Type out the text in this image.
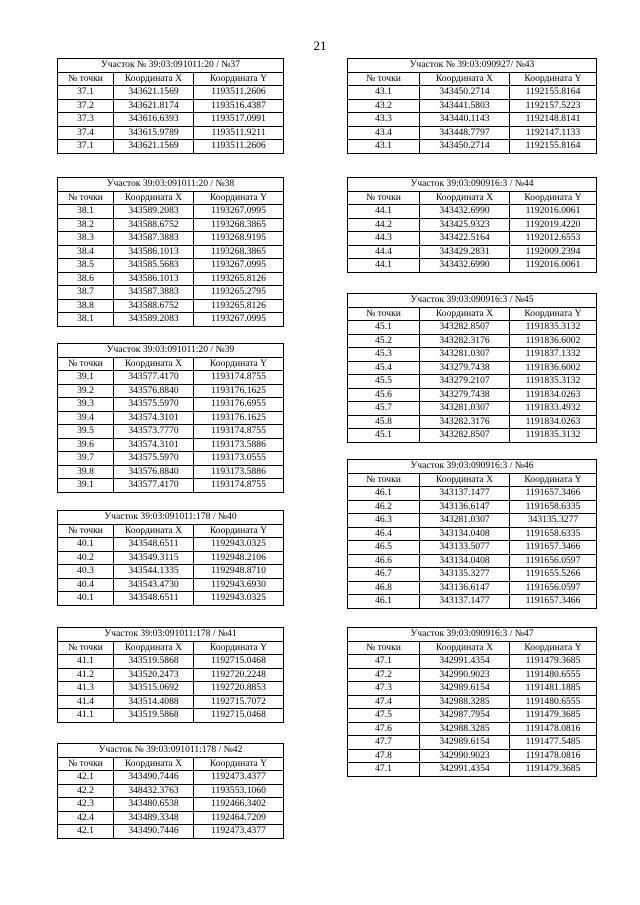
21
Участок № 39:03:091011:20 / №37		
№ точки	Координата X	Координата Y
37.1	343621.1569	1193511.2606
37.2	343621.8174	1193516.4387
37.3	343616.6393	1193517.0991
37.4	343615.9789	1193511.9211
37.1	343621.1569	1193511.2606
Участок 39:03:091011:20 / №38		
№ точки	Координата X	Координата Y
38.1	343589.2083	1193267.0995
38.2	343588.6752	1193268.3865
38.3	343587.3883	1193268.9195
38.4	343586.1013	1193268.3865
38.5	343585.5683	1193267.0995
38.6	343586.1013	1193265.8126
38.7	343587.3883	1193265.2795
38.8	343588.6752	1193265.8126
38.1	343589.2083	1193267.0995
Участок 39:03:091011:20 / №39		
№ точки	Координата X	Координата Y
39.1	343577.4170	1193174.8755
39.2	343576.8840	1193176.1625
39.3	343575.5970	1193176.6955
39.4	343574.3101	1193176.1625
39.5	343573.7770	1193174.8755
39.6	343574.3101	1193173.5886
39.7	343575.5970	1193173.0555
39.8	343576.8840	1193173.5886
39.1	343577.4170	1193174.8755
Участок 39:03:091011:178 / №40		
№ точки	Координата X	Координата Y
40.1	343548.6511	1192943.0325
40.2	343549.3115	1192948.2106
40.3	343544.1335	1192948.8710
40.4	343543.4730	1192943.6930
40.1	343548.6511	1192943.0325
Участок 39:03:091011:178 / №41		
№ точки	Координата X	Координата Y
41.1	343519.5868	1192715.0468
41.2	343520.2473	1192720.2248
41.3	343515.0692	1192720.8853
41.4	343514.4088	1192715.7072
41.1	343519.5868	1192715.0468
Участок № 39:03:091011:178 / №42		
№ точки	Координата X	Координата Y
42.1	343490.7446	1192473.4377
42.2	348432.3763	1193553.1060
42.3	343480.6538	1192466.3402
42.4	343489.3348	1192464.7209
42.1	343490.7446	1192473.4377
Участок № 39:03:090927/ №43		
№ точки	Координата X	Координата Y
43.1	343450.2714	1192155.8164
43.2	343441.5803	1192157.5223
43.3	343440.1143	1192148.8141
43.4	343448.7797	1192147.1133
43.1	343450.2714	1192155.8164
Участок 39:03:090916:3 / №44		
№ точки	Координата X	Координата Y
44.1	343432.6990	1192016.0061
44.2	343425.9323	1192019.4220
44.3	343422.5164	1192012.6553
44.4	343429.2831	1192009.2394
44.1	343432.6990	1192016.0061
Участок 39:03:090916:3 / №45		
№ точки	Координата X	Координата Y
45.1	343282.8507	1191835.3132
45.2	343282.3176	1191836.6002
45.3	343281.0307	1191837.1332
45.4	343279.7438	1191836.6002
45.5	343279.2107	1191835.3132
45.6	343279.7438	1191834.0263
45.7	343281.0307	1191833.4932
45.8	343282.3176	1191834.0263
45.1	343282.8507	1191835.3132
Участок 39:03:090916:3 / №46		
№ точки	Координата X	Координата Y
46.1	343137.1477	1191657.3466
46.2	343136.6147	1191658.6335
46.3	343281.0307	343135.3277
46.4	343134.0408	1191658.6335
46.5	343133.5077	1191657.3466
46.6	343134.0408	1191656.0597
46.7	343135.3277	1191655.5266
46.8	343136.6147	1191656.0597
46.1	343137.1477	1191657.3466
Участок 39:03:090916:3 / №47		
№ точки	Координата X	Координата Y
47.1	342991.4354	1191479.3685
47.2	342990.9023	1191480.6555
47.3	342989.6154	1191481.1885
47.4	342988.3285	1191480.6555
47.5	342987.7954	1191479.3685
47.6	342988.3285	1191478.0816
47.7	342989.6154	1191477.5485
47.8	342990.9023	1191478.0816
47.1	342991.4354	1191479.3685
